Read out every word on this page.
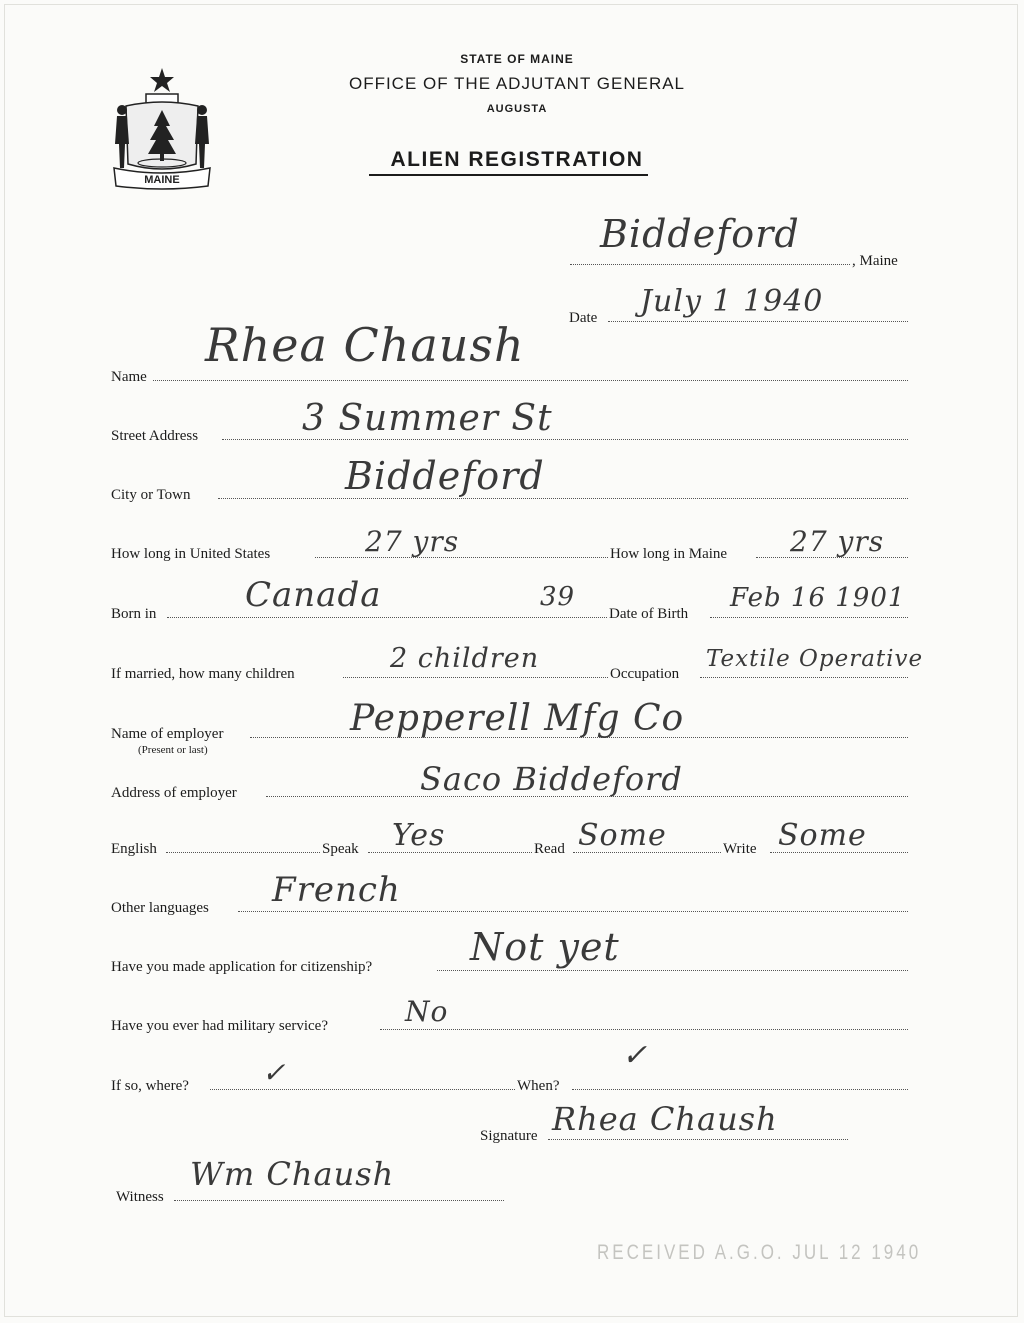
MAINE
STATE OF MAINE
OFFICE OF THE ADJUTANT GENERAL
AUGUSTA
ALIEN REGISTRATION
, Maine
Biddeford
Date July 1 1940
Name
Rhea Chaush
Street Address	3 Summer St
City or Town	Biddeford
How long in United States	27 yrs	How long in Maine 27 yrs
Born in	Canada	39
Date of Birth
Feb 16 1901
If married, how many children	2 children	Occupation
Textile Operative
Name of employer
(Present or last)
Pepperell Mfg Co
Address of employer	Saco Biddeford
English	Speak Yes	Read Some	Write Some
Other languages French
Have you made application for citizenship?	Not yet
Have you ever had military service?	No
If so, where?	✓	When?
✓
Signature Rhea Chaush
Witness
Wm Chaush
RECEIVED A.G.O. JUL 12 1940
